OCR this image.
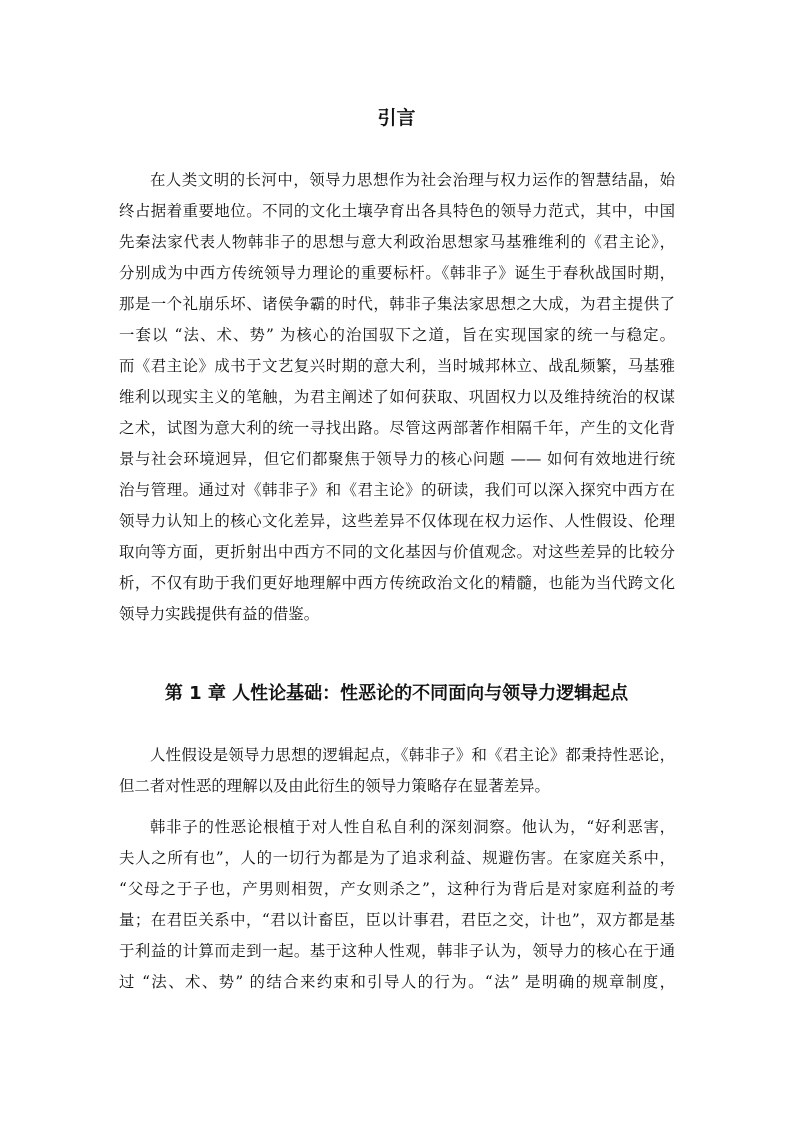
引言
在人类文明的长河中，领导力思想作为社会治理与权力运作的智慧结晶，始
终占据着重要地位。不同的文化土壤孕育出各具特色的领导力范式，其中，中国
先秦法家代表人物韩非子的思想与意大利政治思想家马基雅维利的《君主论》，
分别成为中西方传统领导力理论的重要标杆。《韩非子》诞生于春秋战国时期，
那是一个礼崩乐坏、诸侯争霸的时代，韩非子集法家思想之大成，为君主提供了
一套以 “法、术、势” 为核心的治国驭下之道，旨在实现国家的统一与稳定。
而《君主论》成书于文艺复兴时期的意大利，当时城邦林立、战乱频繁，马基雅
维利以现实主义的笔触，为君主阐述了如何获取、巩固权力以及维持统治的权谋
之术，试图为意大利的统一寻找出路。尽管这两部著作相隔千年，产生的文化背
景与社会环境迥异，但它们都聚焦于领导力的核心问题 —— 如何有效地进行统
治与管理。通过对《韩非子》和《君主论》的研读，我们可以深入探究中西方在
领导力认知上的核心文化差异，这些差异不仅体现在权力运作、人性假设、伦理
取向等方面，更折射出中西方不同的文化基因与价值观念。对这些差异的比较分
析，不仅有助于我们更好地理解中西方传统政治文化的精髓，也能为当代跨文化
领导力实践提供有益的借鉴。
第 1 章 人性论基础：性恶论的不同面向与领导力逻辑起点
人性假设是领导力思想的逻辑起点，《韩非子》和《君主论》都秉持性恶论，
但二者对性恶的理解以及由此衍生的领导力策略存在显著差异。
韩非子的性恶论根植于对人性自私自利的深刻洞察。他认为，“好利恶害，
夫人之所有也”，人的一切行为都是为了追求利益、规避伤害。在家庭关系中，
“父母之于子也，产男则相贺，产女则杀之”，这种行为背后是对家庭利益的考
量；在君臣关系中，“君以计畜臣，臣以计事君，君臣之交，计也”，双方都是基
于利益的计算而走到一起。基于这种人性观，韩非子认为，领导力的核心在于通
过 “法、术、势” 的结合来约束和引导人的行为。“法” 是明确的规章制度，
